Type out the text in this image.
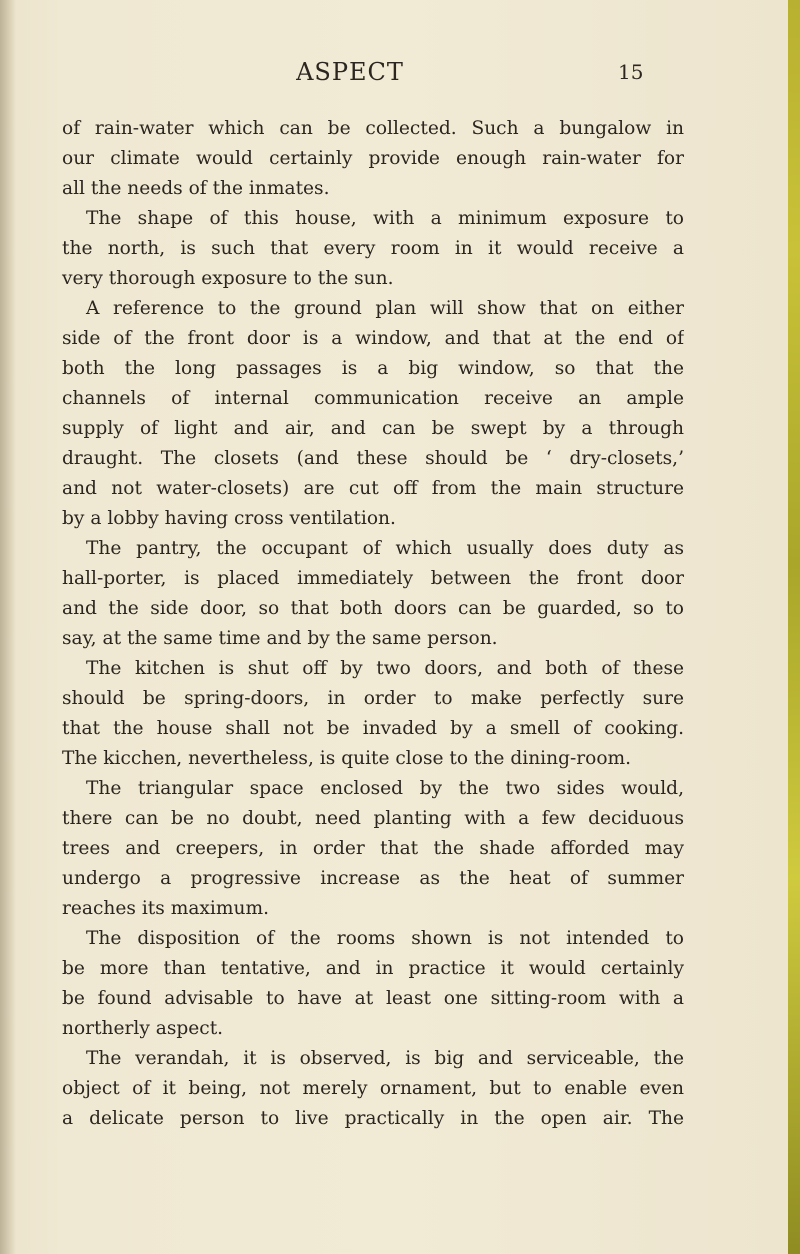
ASPECT	15
of rain-water which can be collected. Such a bungalow in
our climate would certainly provide enough rain-water for
all the needs of the inmates.
The shape of this house, with a minimum exposure to
the north, is such that every room in it would receive a
very thorough exposure to the sun.
A reference to the ground plan will show that on either
side of the front door is a window, and that at the end of
both the long passages is a big window, so that the
channels of internal communication receive an ample
supply of light and air, and can be swept by a through
draught. The closets (and these should be ‘ dry-closets,’
and not water-closets) are cut off from the main structure
by a lobby having cross ventilation.
The pantry, the occupant of which usually does duty as
hall-porter, is placed immediately between the front door
and the side door, so that both doors can be guarded, so to
say, at the same time and by the same person.
The kitchen is shut off by two doors, and both of these
should be spring-doors, in order to make perfectly sure
that the house shall not be invaded by a smell of cooking.
The kicchen, nevertheless, is quite close to the dining-room.
The triangular space enclosed by the two sides would,
there can be no doubt, need planting with a few deciduous
trees and creepers, in order that the shade afforded may
undergo a progressive increase as the heat of summer
reaches its maximum.
The disposition of the rooms shown is not intended to
be more than tentative, and in practice it would certainly
be found advisable to have at least one sitting-room with a
northerly aspect.
The verandah, it is observed, is big and serviceable, the
object of it being, not merely ornament, but to enable even
a delicate person to live practically in the open air. The
